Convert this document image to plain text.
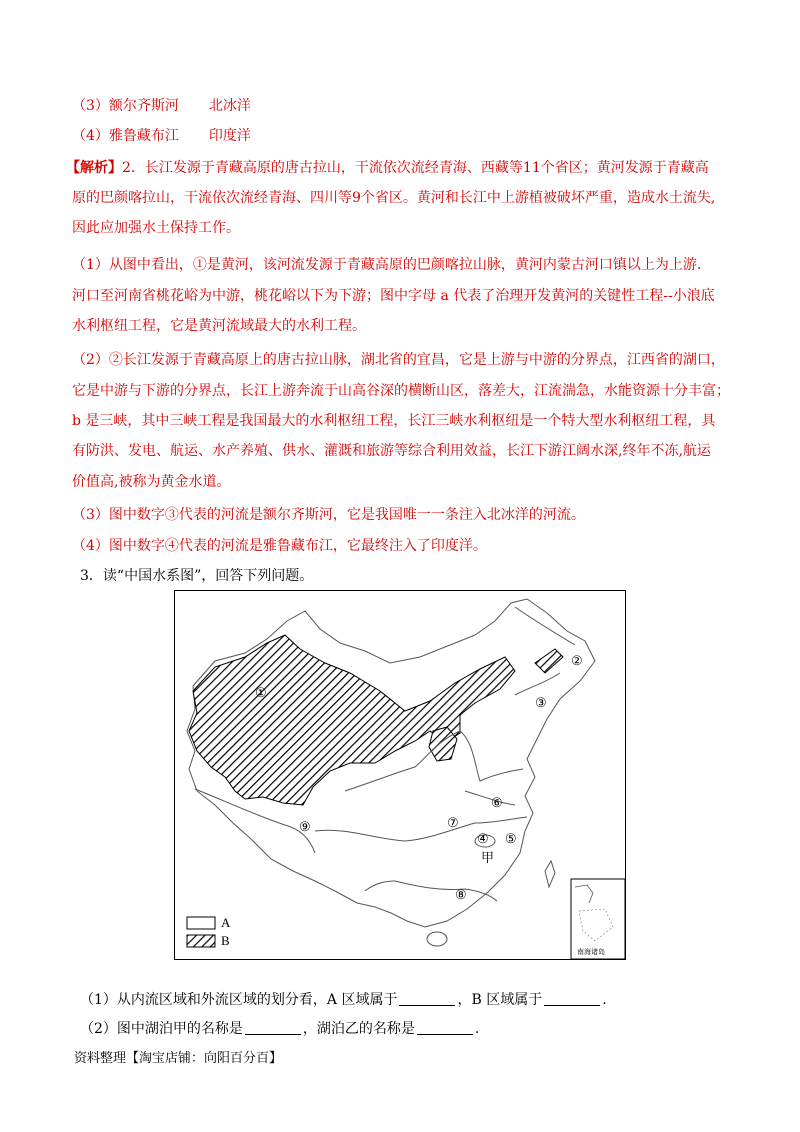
（3）额尔齐斯河 北冰洋
（4）雅鲁藏布江 印度洋
【解析】2．长江发源于青藏高原的唐古拉山，干流依次流经青海、西藏等11个省区；黄河发源于青藏高
原的巴颜喀拉山，干流依次流经青海、四川等9个省区。黄河和长江中上游植被破坏严重，造成水土流失,
因此应加强水土保持工作。
（1）从图中看出，①是黄河，该河流发源于青藏高原的巴颜喀拉山脉，黄河内蒙古河口镇以上为上游.
河口至河南省桃花峪为中游，桃花峪以下为下游；图中字母 a 代表了治理开发黄河的关键性工程--小浪底
水利枢纽工程，它是黄河流域最大的水利工程。
（2）②长江发源于青藏高原上的唐古拉山脉，湖北省的宜昌，它是上游与中游的分界点，江西省的湖口，
它是中游与下游的分界点，长江上游奔流于山高谷深的横断山区，落差大，江流湍急，水能资源十分丰富；
b 是三峡，其中三峡工程是我国最大的水利枢纽工程，长江三峡水利枢纽是一个特大型水利枢纽工程，具
有防洪、发电、航运、水产养殖、供水、灌溉和旅游等综合利用效益，长江下游江阔水深,终年不冻,航运
价值高,被称为黄金水道。
（3）图中数字③代表的河流是额尔齐斯河，它是我国唯一一条注入北冰洋的河流。
（4）图中数字④代表的河流是雅鲁藏布江，它最终注入了印度洋。
3．读“中国水系图”，回答下列问题。
①
②
③
④ ⑤
⑥
⑦
甲
⑧
⑨
A
B
南海诸岛
（1）从内流区域和外流区域的划分看，A 区域属于	，B 区域属于	.
（2）图中湖泊甲的名称是	，湖泊乙的名称是	.
资料整理【淘宝店铺：向阳百分百】
